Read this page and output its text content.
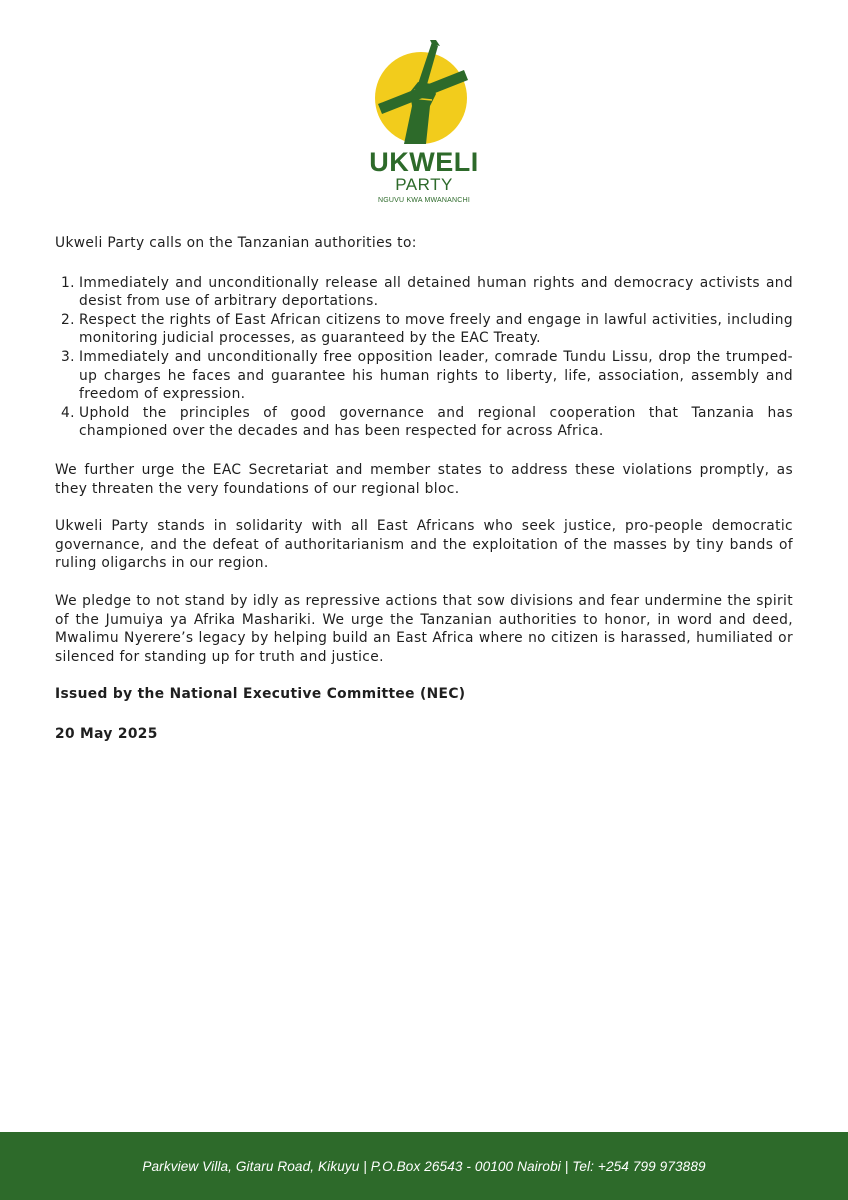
UKWELI
PARTY
NGUVU KWA MWANANCHI

Ukweli Party calls on the Tanzanian authorities to:

1. Immediately and unconditionally release all detained human rights and democracy activists and desist from use of arbitrary deportations.
2. Respect the rights of East African citizens to move freely and engage in lawful activities, including monitoring judicial processes, as guaranteed by the EAC Treaty.
3. Immediately and unconditionally free opposition leader, comrade Tundu Lissu, drop the trumped-up charges he faces and guarantee his human rights to liberty, life, association, assembly and freedom of expression.
4. Uphold the principles of good governance and regional cooperation that Tanzania has championed over the decades and has been respected for across Africa.

We further urge the EAC Secretariat and member states to address these violations promptly, as they threaten the very foundations of our regional bloc.

Ukweli Party stands in solidarity with all East Africans who seek justice, pro-people democratic governance, and the defeat of authoritarianism and the exploitation of the masses by tiny bands of ruling oligarchs in our region.

We pledge to not stand by idly as repressive actions that sow divisions and fear undermine the spirit of the Jumuiya ya Afrika Mashariki. We urge the Tanzanian authorities to honor, in word and deed, Mwalimu Nyerere’s legacy by helping build an East Africa where no citizen is harassed, humiliated or silenced for standing up for truth and justice.

Issued by the National Executive Committee (NEC)

20 May 2025

Parkview Villa, Gitaru Road, Kikuyu | P.O.Box 26543 - 00100 Nairobi | Tel: +254 799 973889
